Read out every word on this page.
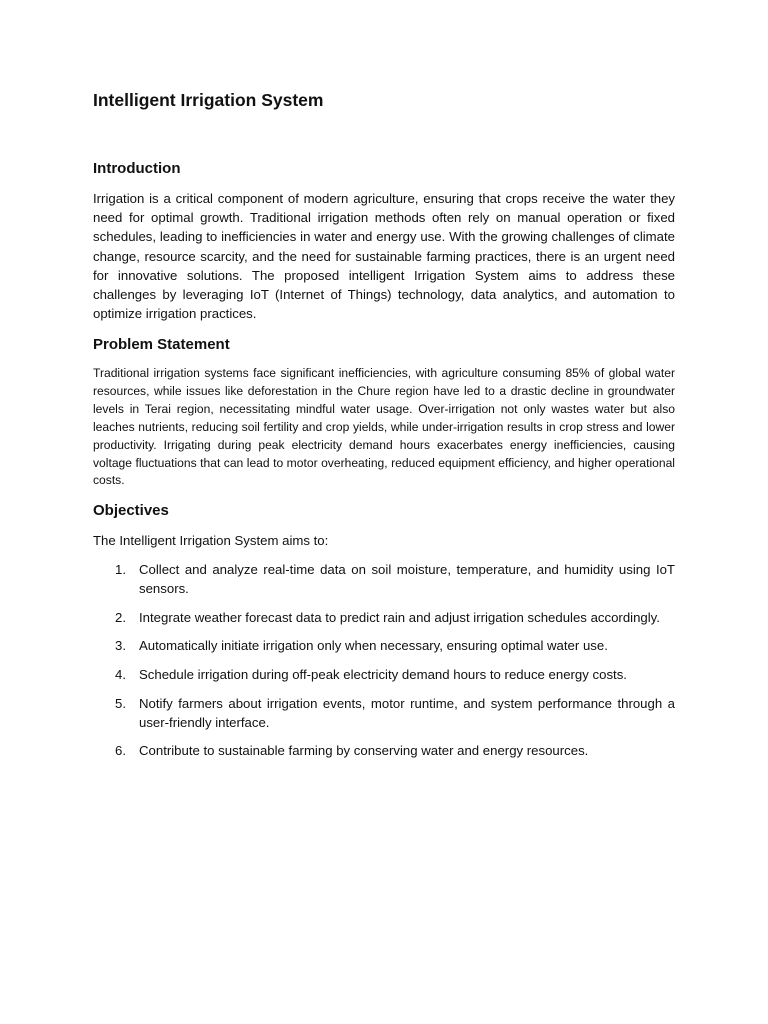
Intelligent Irrigation System
Introduction

Irrigation is a critical component of modern agriculture, ensuring that crops receive the water they need for optimal growth. Traditional irrigation methods often rely on manual operation or fixed schedules, leading to inefficiencies in water and energy use. With the growing challenges of climate change, resource scarcity, and the need for sustainable farming practices, there is an urgent need for innovative solutions. The proposed intelligent Irrigation System aims to address these challenges by leveraging IoT (Internet of Things) technology, data analytics, and automation to optimize irrigation practices.

Problem Statement

Traditional irrigation systems face significant inefficiencies, with agriculture consuming 85% of global water resources, while issues like deforestation in the Chure region have led to a drastic decline in groundwater levels in Terai region, necessitating mindful water usage. Over-irrigation not only wastes water but also leaches nutrients, reducing soil fertility and crop yields, while under-irrigation results in crop stress and lower productivity. Irrigating during peak electricity demand hours exacerbates energy inefficiencies, causing voltage fluctuations that can lead to motor overheating, reduced equipment efficiency, and higher operational costs.

Objectives

The Intelligent Irrigation System aims to:

1. Collect and analyze real-time data on soil moisture, temperature, and humidity using IoT sensors.
2. Integrate weather forecast data to predict rain and adjust irrigation schedules accordingly.
3. Automatically initiate irrigation only when necessary, ensuring optimal water use.
4. Schedule irrigation during off-peak electricity demand hours to reduce energy costs.
5. Notify farmers about irrigation events, motor runtime, and system performance through a user-friendly interface.
6. Contribute to sustainable farming by conserving water and energy resources.
